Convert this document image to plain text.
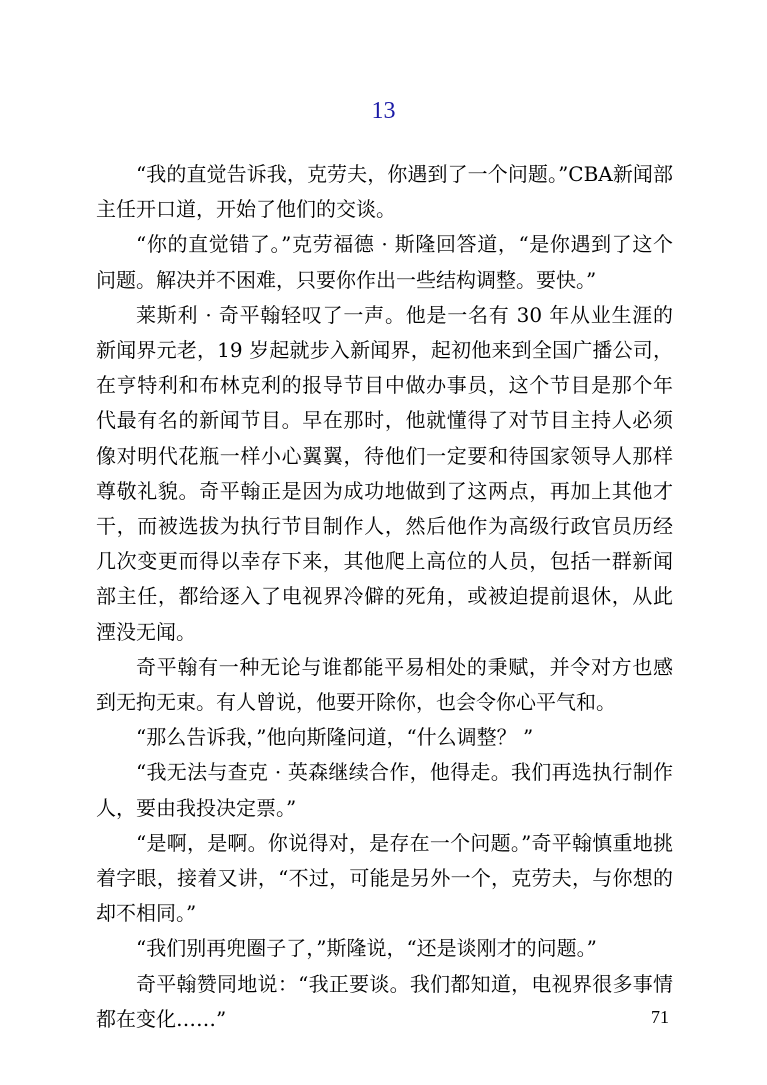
13

“我的直觉告诉我，克劳夫，你遇到了一个问题。”CBA新闻部主任开口道，开始了他们的交谈。

“你的直觉错了。”克劳福德 · 斯隆回答道，“是你遇到了这个问题。解决并不困难，只要你作出一些结构调整。要快。”

莱斯利 · 奇平翰轻叹了一声。他是一名有 30 年从业生涯的新闻界元老，19 岁起就步入新闻界，起初他来到全国广播公司，在亨特利和布林克利的报导节目中做办事员，这个节目是那个年代最有名的新闻节目。早在那时，他就懂得了对节目主持人必须像对明代花瓶一样小心翼翼，待他们一定要和待国家领导人那样尊敬礼貌。奇平翰正是因为成功地做到了这两点，再加上其他才干，而被选拔为执行节目制作人，然后他作为高级行政官员历经几次变更而得以幸存下来，其他爬上高位的人员，包括一群新闻部主任，都给逐入了电视界冷僻的死角，或被迫提前退休，从此湮没无闻。

奇平翰有一种无论与谁都能平易相处的秉赋，并令对方也感到无拘无束。有人曾说，他要开除你，也会令你心平气和。

“那么告诉我，”他向斯隆问道，“什么调整？ ”

“我无法与查克 · 英森继续合作，他得走。我们再选执行制作人，要由我投决定票。”

“是啊，是啊。你说得对，是存在一个问题。”奇平翰慎重地挑着字眼，接着又讲，“不过，可能是另外一个，克劳夫，与你想的却不相同。”

“我们别再兜圈子了，”斯隆说，“还是谈刚才的问题。”

奇平翰赞同地说：“我正要谈。我们都知道，电视界很多事情都在变化……”	71
